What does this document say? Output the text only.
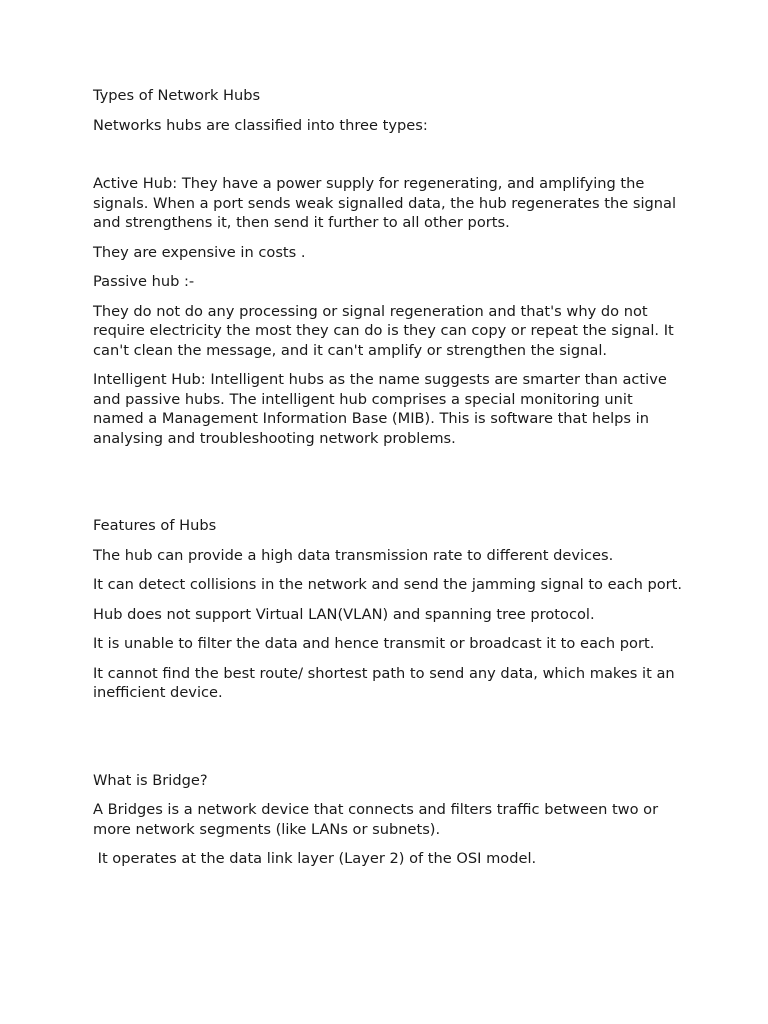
Types of Network Hubs

Networks hubs are classified into three types:

Active Hub: They have a power supply for regenerating, and amplifying the signals. When a port sends weak signalled data, the hub regenerates the signal and strengthens it, then send it further to all other ports.

They are expensive in costs .

Passive hub :-

They do not do any processing or signal regeneration and that's why do not require electricity the most they can do is they can copy or repeat the signal. It can't clean the message, and it can't amplify or strengthen the signal.

Intelligent Hub: Intelligent hubs as the name suggests are smarter than active and passive hubs. The intelligent hub comprises a special monitoring unit named a Management Information Base (MIB). This is software that helps in analysing and troubleshooting network problems.

Features of Hubs

The hub can provide a high data transmission rate to different devices.

It can detect collisions in the network and send the jamming signal to each port.

Hub does not support Virtual LAN(VLAN) and spanning tree protocol.

It is unable to filter the data and hence transmit or broadcast it to each port.

It cannot find the best route/ shortest path to send any data, which makes it an inefficient device.

What is Bridge?

A Bridges is a network device that connects and filters traffic between two or more network segments (like LANs or subnets).

It operates at the data link layer (Layer 2) of the OSI model.
